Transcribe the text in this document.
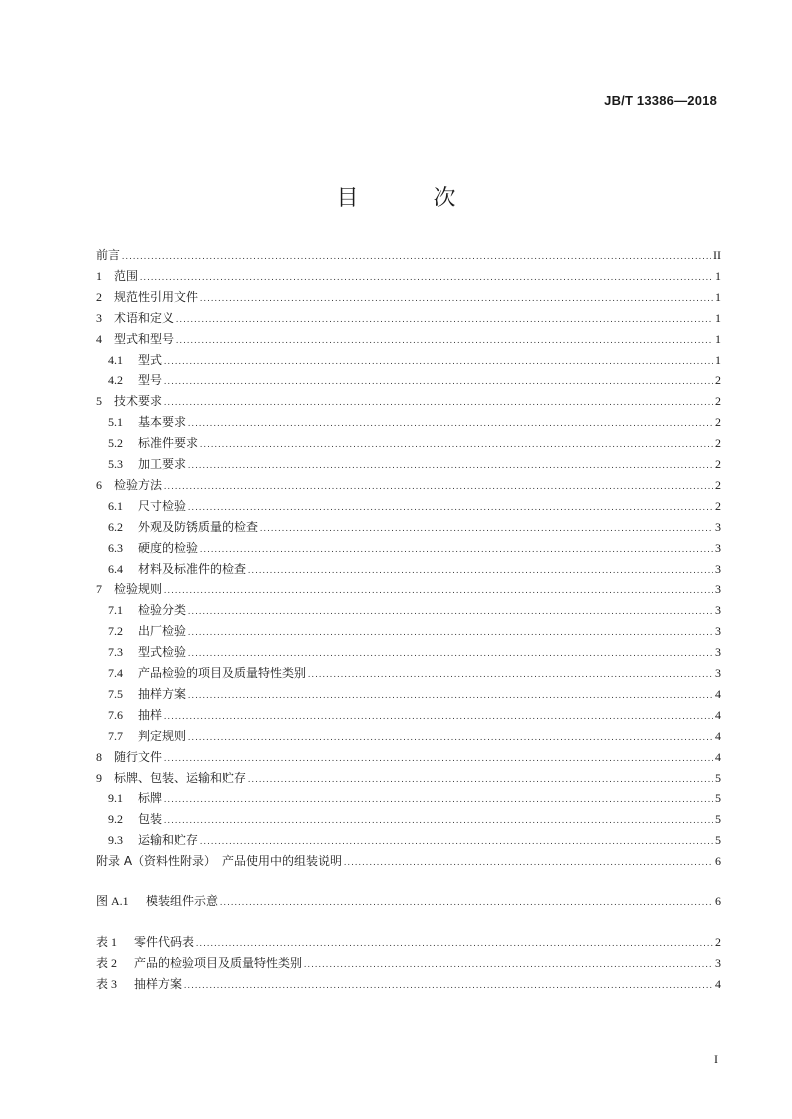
JB/T 13386—2018
目 次
前言 .....	II
1	范围 .....	1
2	规范性引用文件 .....	1
3	术语和定义 .....	1
4	型式和型号 .....	1
4.1	型式 .....	1
4.2	型号 .....	2
5	技术要求 .....	2
5.1	基本要求 .....	2
5.2	标准件要求 .....	2
5.3	加工要求 .....	2
6	检验方法 .....	2
6.1	尺寸检验 .....	2
6.2	外观及防锈质量的检查 .....	3
6.3	硬度的检验 .....	3
6.4	材料及标准件的检查 .....	3
7	检验规则 .....	3
7.1	检验分类 .....	3
7.2	出厂检验 .....	3
7.3	型式检验 .....	3
7.4	产品检验的项目及质量特性类别 .....	3
7.5	抽样方案 .....	4
7.6	抽样 .....	4
7.7	判定规则 .....	4
8	随行文件 .....	4
9	标牌、包装、运输和贮存 .....	5
9.1	标牌 .....	5
9.2	包装 .....	5
9.3	运输和贮存 .....	5
附录 A（资料性附录）　产品使用中的组装说明 .....	6
图 A.1	模装组件示意 .....	6
表 1	零件代码表 .....	2
表 2	产品的检验项目及质量特性类别 .....	3
表 3	抽样方案 .....	4
I
